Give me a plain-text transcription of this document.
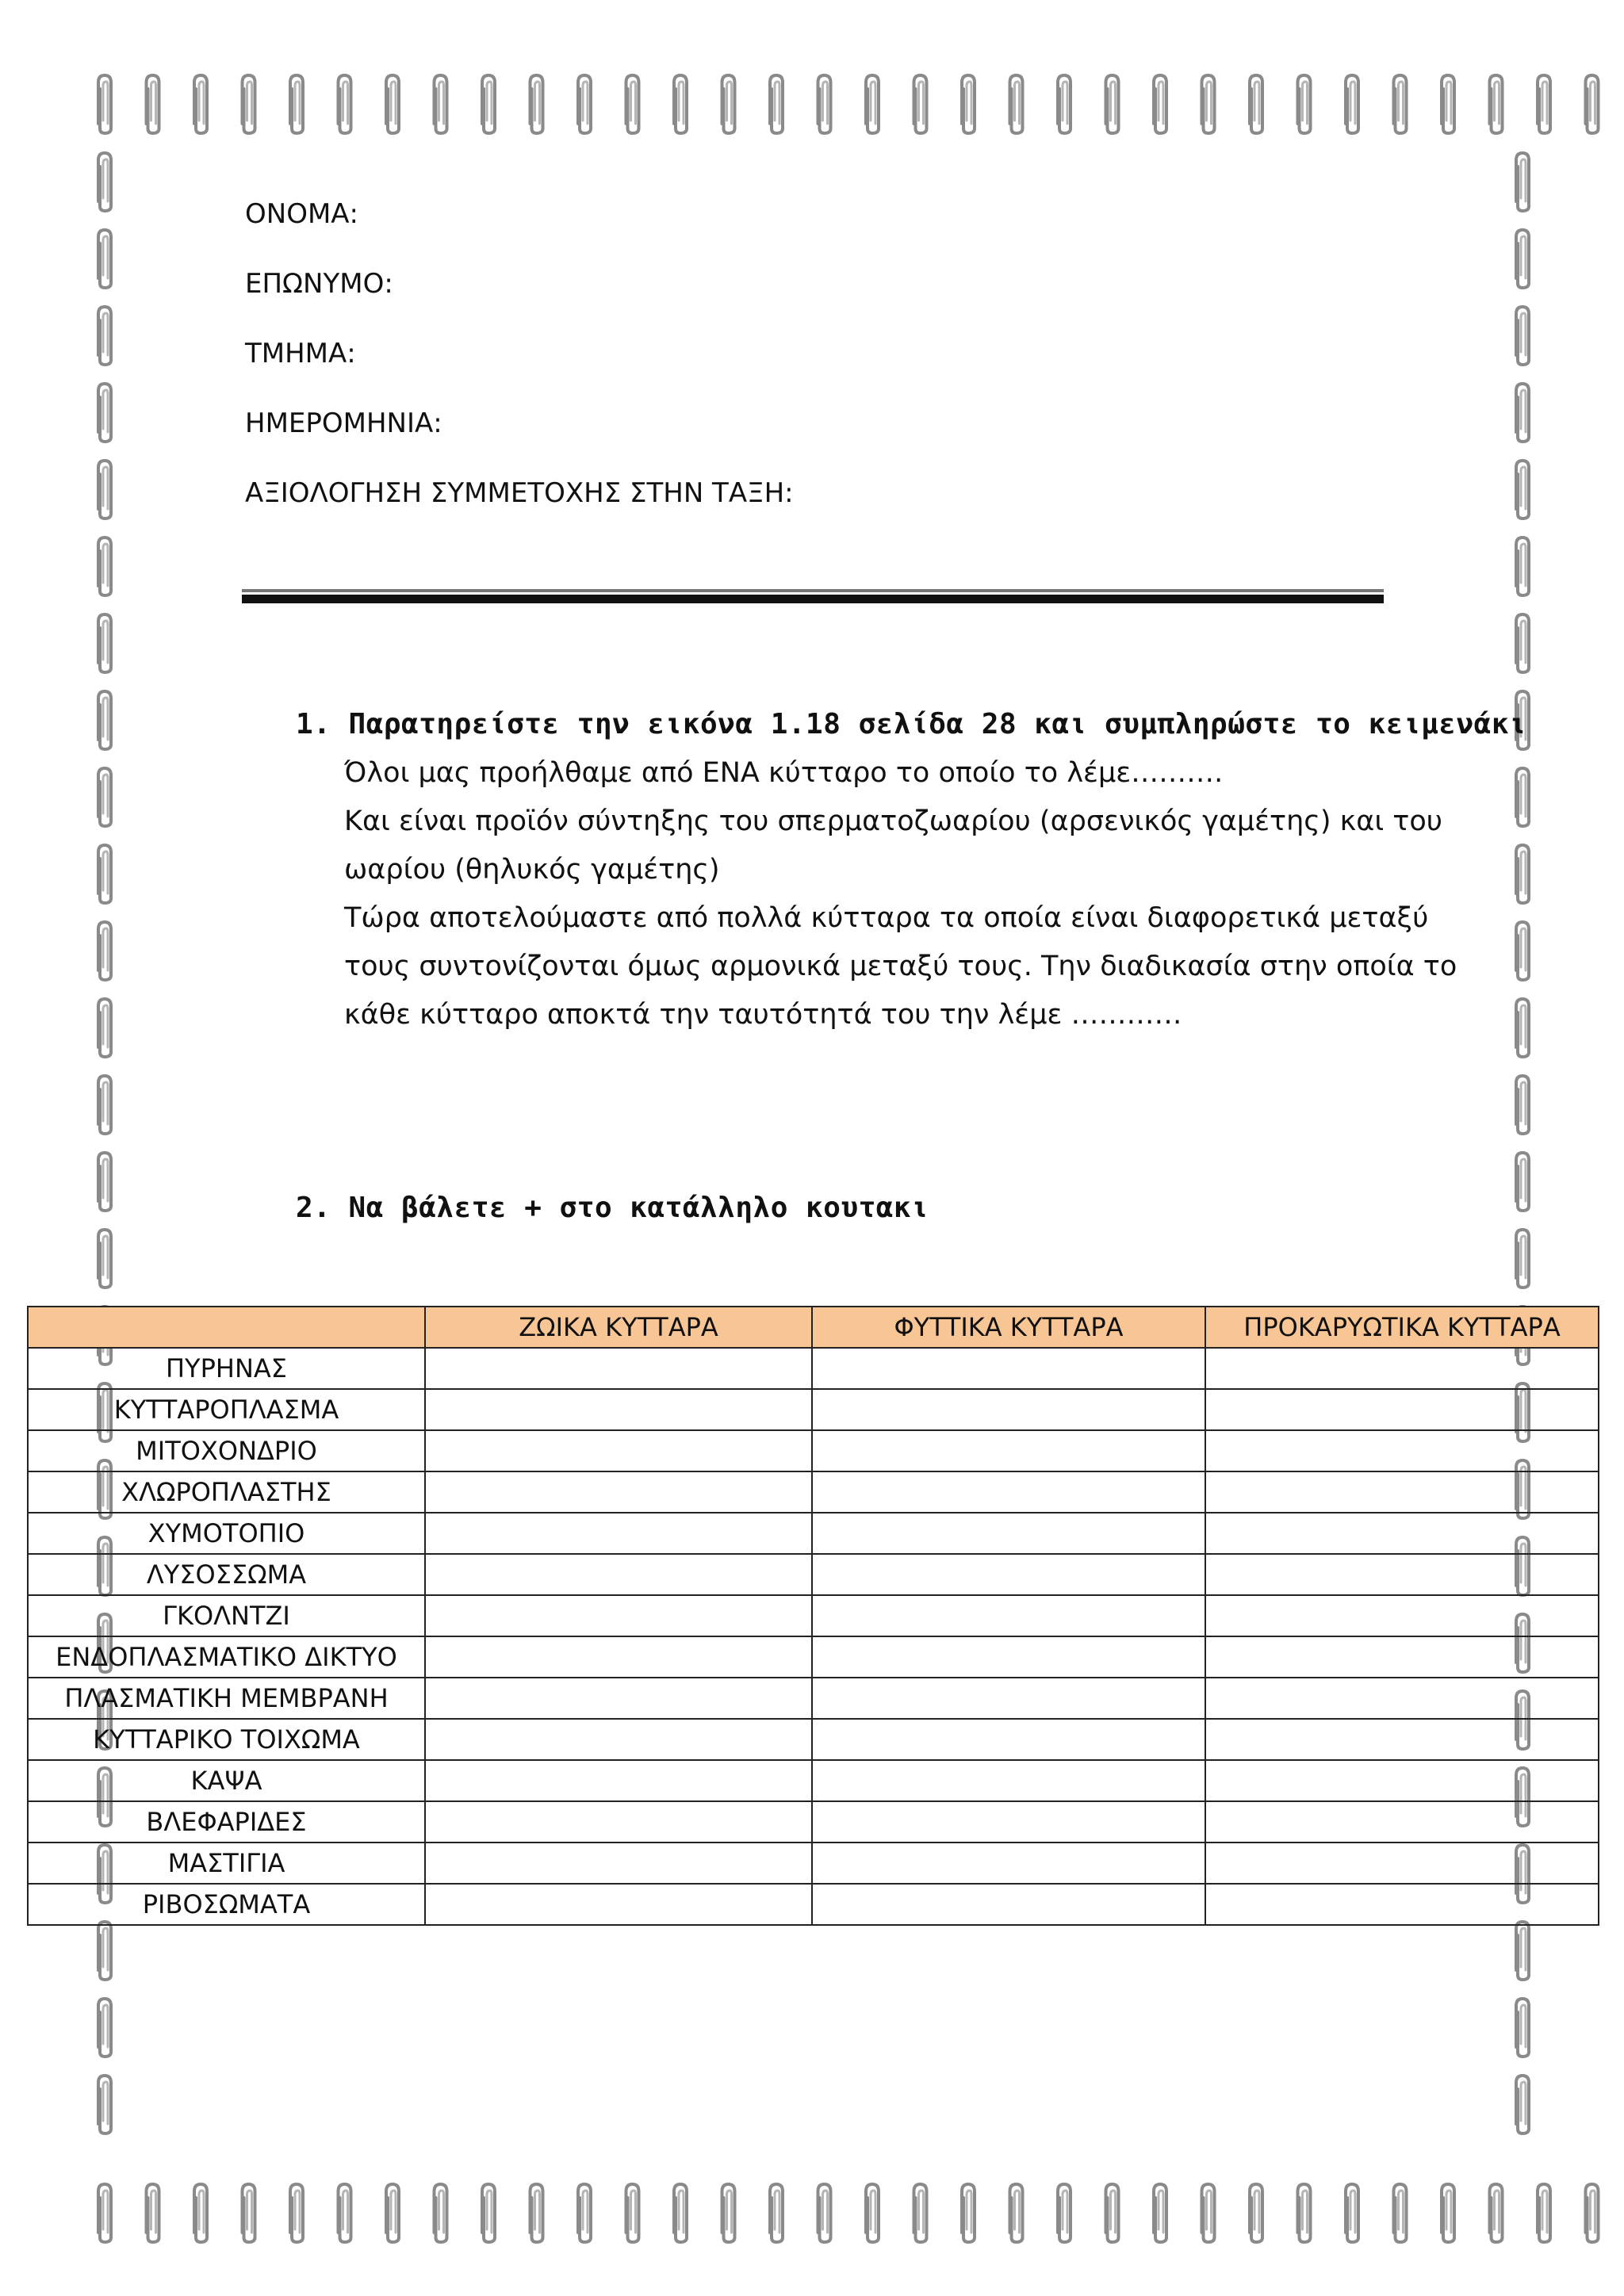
ΟΝΟΜΑ:
ΕΠΩΝΥΜΟ:
ΤΜΗΜΑ:
ΗΜΕΡΟΜΗΝΙΑ:
ΑΞΙΟΛΟΓΗΣΗ ΣΥΜΜΕΤΟΧΗΣ ΣΤΗΝ ΤΑΞΗ:
1. Παρατηρείστε την εικόνα 1.18 σελίδα 28 και συμπληρώστε το κειμενάκι
Όλοι μας προήλθαμε από ΕΝΑ κύτταρο το οποίο το λέμε……….
Και είναι προϊόν σύντηξης του σπερματοζωαρίου (αρσενικός γαμέτης) και του
ωαρίου (θηλυκός γαμέτης)
Τώρα αποτελούμαστε από πολλά κύτταρα τα οποία είναι διαφορετικά μεταξύ
τους συντονίζονται όμως αρμονικά μεταξύ τους. Την διαδικασία στην οποία το
κάθε κύτταρο αποκτά την ταυτότητά του την λέμε …………
2. Να βάλετε + στο κατάλληλο κουτακι
	ΖΩΙΚΑ ΚΥΤΤΑΡΑ	ΦΥΤΤΙΚΑ ΚΥΤΤΑΡΑ	ΠΡΟΚΑΡΥΩΤΙΚΑ ΚΥΤΤΑΡΑ
ΠΥΡΗΝΑΣ			
ΚΥΤΤΑΡΟΠΛΑΣΜΑ			
ΜΙΤΟΧΟΝΔΡΙΟ			
ΧΛΩΡΟΠΛΑΣΤΗΣ			
ΧΥΜΟΤΟΠΙΟ			
ΛΥΣΟΣΣΩΜΑ			
ΓΚΟΛΝΤΖΙ			
ΕΝΔΟΠΛΑΣΜΑΤΙΚΟ ΔΙΚΤΥΟ			
ΠΛΑΣΜΑΤΙΚΗ ΜΕΜΒΡΑΝΗ			
ΚΥΤΤΑΡΙΚΟ ΤΟΙΧΩΜΑ			
ΚΑΨΑ			
ΒΛΕΦΑΡΙΔΕΣ			
ΜΑΣΤΙΓΙΑ			
ΡΙΒΟΣΩΜΑΤΑ			
